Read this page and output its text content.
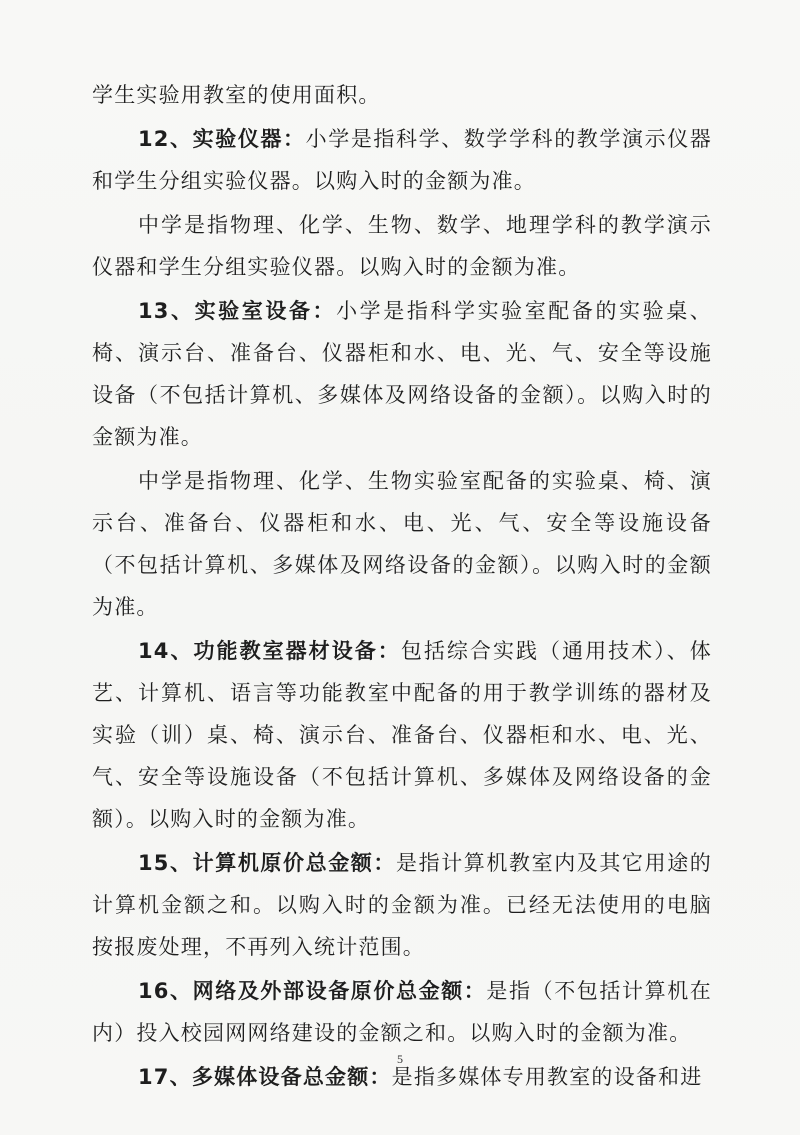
学生实验用教室的使用面积。

12、实验仪器：小学是指科学、数学学科的教学演示仪器和学生分组实验仪器。以购入时的金额为准。

中学是指物理、化学、生物、数学、地理学科的教学演示仪器和学生分组实验仪器。以购入时的金额为准。

13、实验室设备：小学是指科学实验室配备的实验桌、椅、演示台、准备台、仪器柜和水、电、光、气、安全等设施设备（不包括计算机、多媒体及网络设备的金额）。以购入时的金额为准。

中学是指物理、化学、生物实验室配备的实验桌、椅、演示台、准备台、仪器柜和水、电、光、气、安全等设施设备（不包括计算机、多媒体及网络设备的金额）。以购入时的金额为准。

14、功能教室器材设备：包括综合实践（通用技术）、体艺、计算机、语言等功能教室中配备的用于教学训练的器材及实验（训）桌、椅、演示台、准备台、仪器柜和水、电、光、气、安全等设施设备（不包括计算机、多媒体及网络设备的金额）。以购入时的金额为准。

15、计算机原价总金额：是指计算机教室内及其它用途的计算机金额之和。以购入时的金额为准。已经无法使用的电脑按报废处理，不再列入统计范围。

16、网络及外部设备原价总金额：是指（不包括计算机在内）投入校园网网络建设的金额之和。以购入时的金额为准。

17、多媒体设备总金额：是指多媒体专用教室的设备和进

5
